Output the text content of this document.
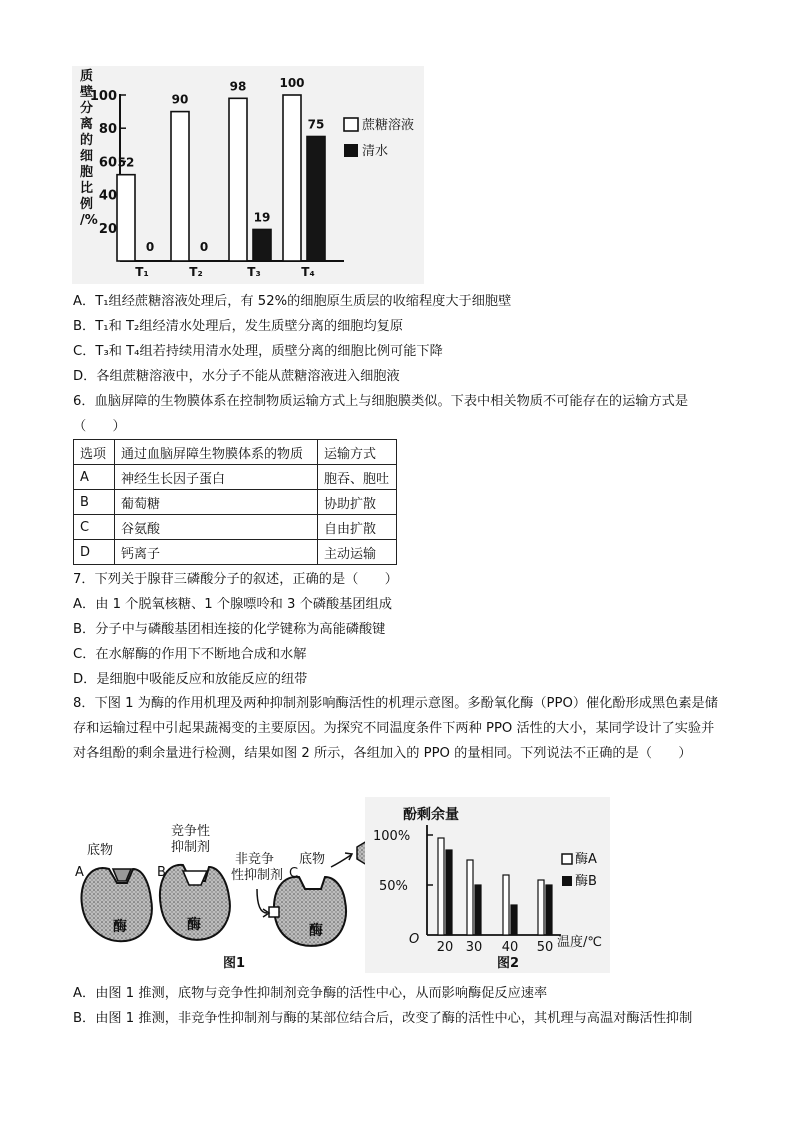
质
壁
分
离
的
细
胞
比
例
/%
100
80
60
40
20
52
0
90
0
98
19
100
75
T₁	T₂	T₃	T₄
蔗糖溶液
清水
A．T₁组经蔗糖溶液处理后，有 52%的细胞原生质层的收缩程度大于细胞壁
B．T₁和 T₂组经清水处理后，发生质壁分离的细胞均复原
C．T₃和 T₄组若持续用清水处理，质壁分离的细胞比例可能下降
D．各组蔗糖溶液中，水分子不能从蔗糖溶液进入细胞液
6．血脑屏障的生物膜体系在控制物质运输方式上与细胞膜类似。下表中相关物质不可能存在的运输方式是（　　）
选项	通过血脑屏障生物膜体系的物质	运输方式
A	神经生长因子蛋白	胞吞、胞吐
B	葡萄糖	协助扩散
C	谷氨酸	自由扩散
D	钙离子	主动运输
7．下列关于腺苷三磷酸分子的叙述，正确的是（　　）
A．由 1 个脱氧核糖、1 个腺嘌呤和 3 个磷酸基团组成
B．分子中与磷酸基团相连接的化学键称为高能磷酸键
C．在水解酶的作用下不断地合成和水解
D．是细胞中吸能反应和放能反应的纽带
8．下图 1 为酶的作用机理及两种抑制剂影响酶活性的机理示意图。多酚氧化酶（PPO）催化酚形成黑色素是储存和运输过程中引起果蔬褐变的主要原因。为探究不同温度条件下两种 PPO 活性的大小，某同学设计了实验并对各组酚的剩余量进行检测，结果如图 2 所示，各组加入的 PPO 的量相同。下列说法不正确的是（　　）
酶
底物
A
酶
竞争性
抑制剂
B
酶
非竞争
性抑制剂
底物
C
图1
酚剩余量
100%
50%
O
20 30 40 50 温度/℃
酶A
酶B
图2
A．由图 1 推测，底物与竞争性抑制剂竞争酶的活性中心，从而影响酶促反应速率
B．由图 1 推测，非竞争性抑制剂与酶的某部位结合后，改变了酶的活性中心，其机理与高温对酶活性抑制
